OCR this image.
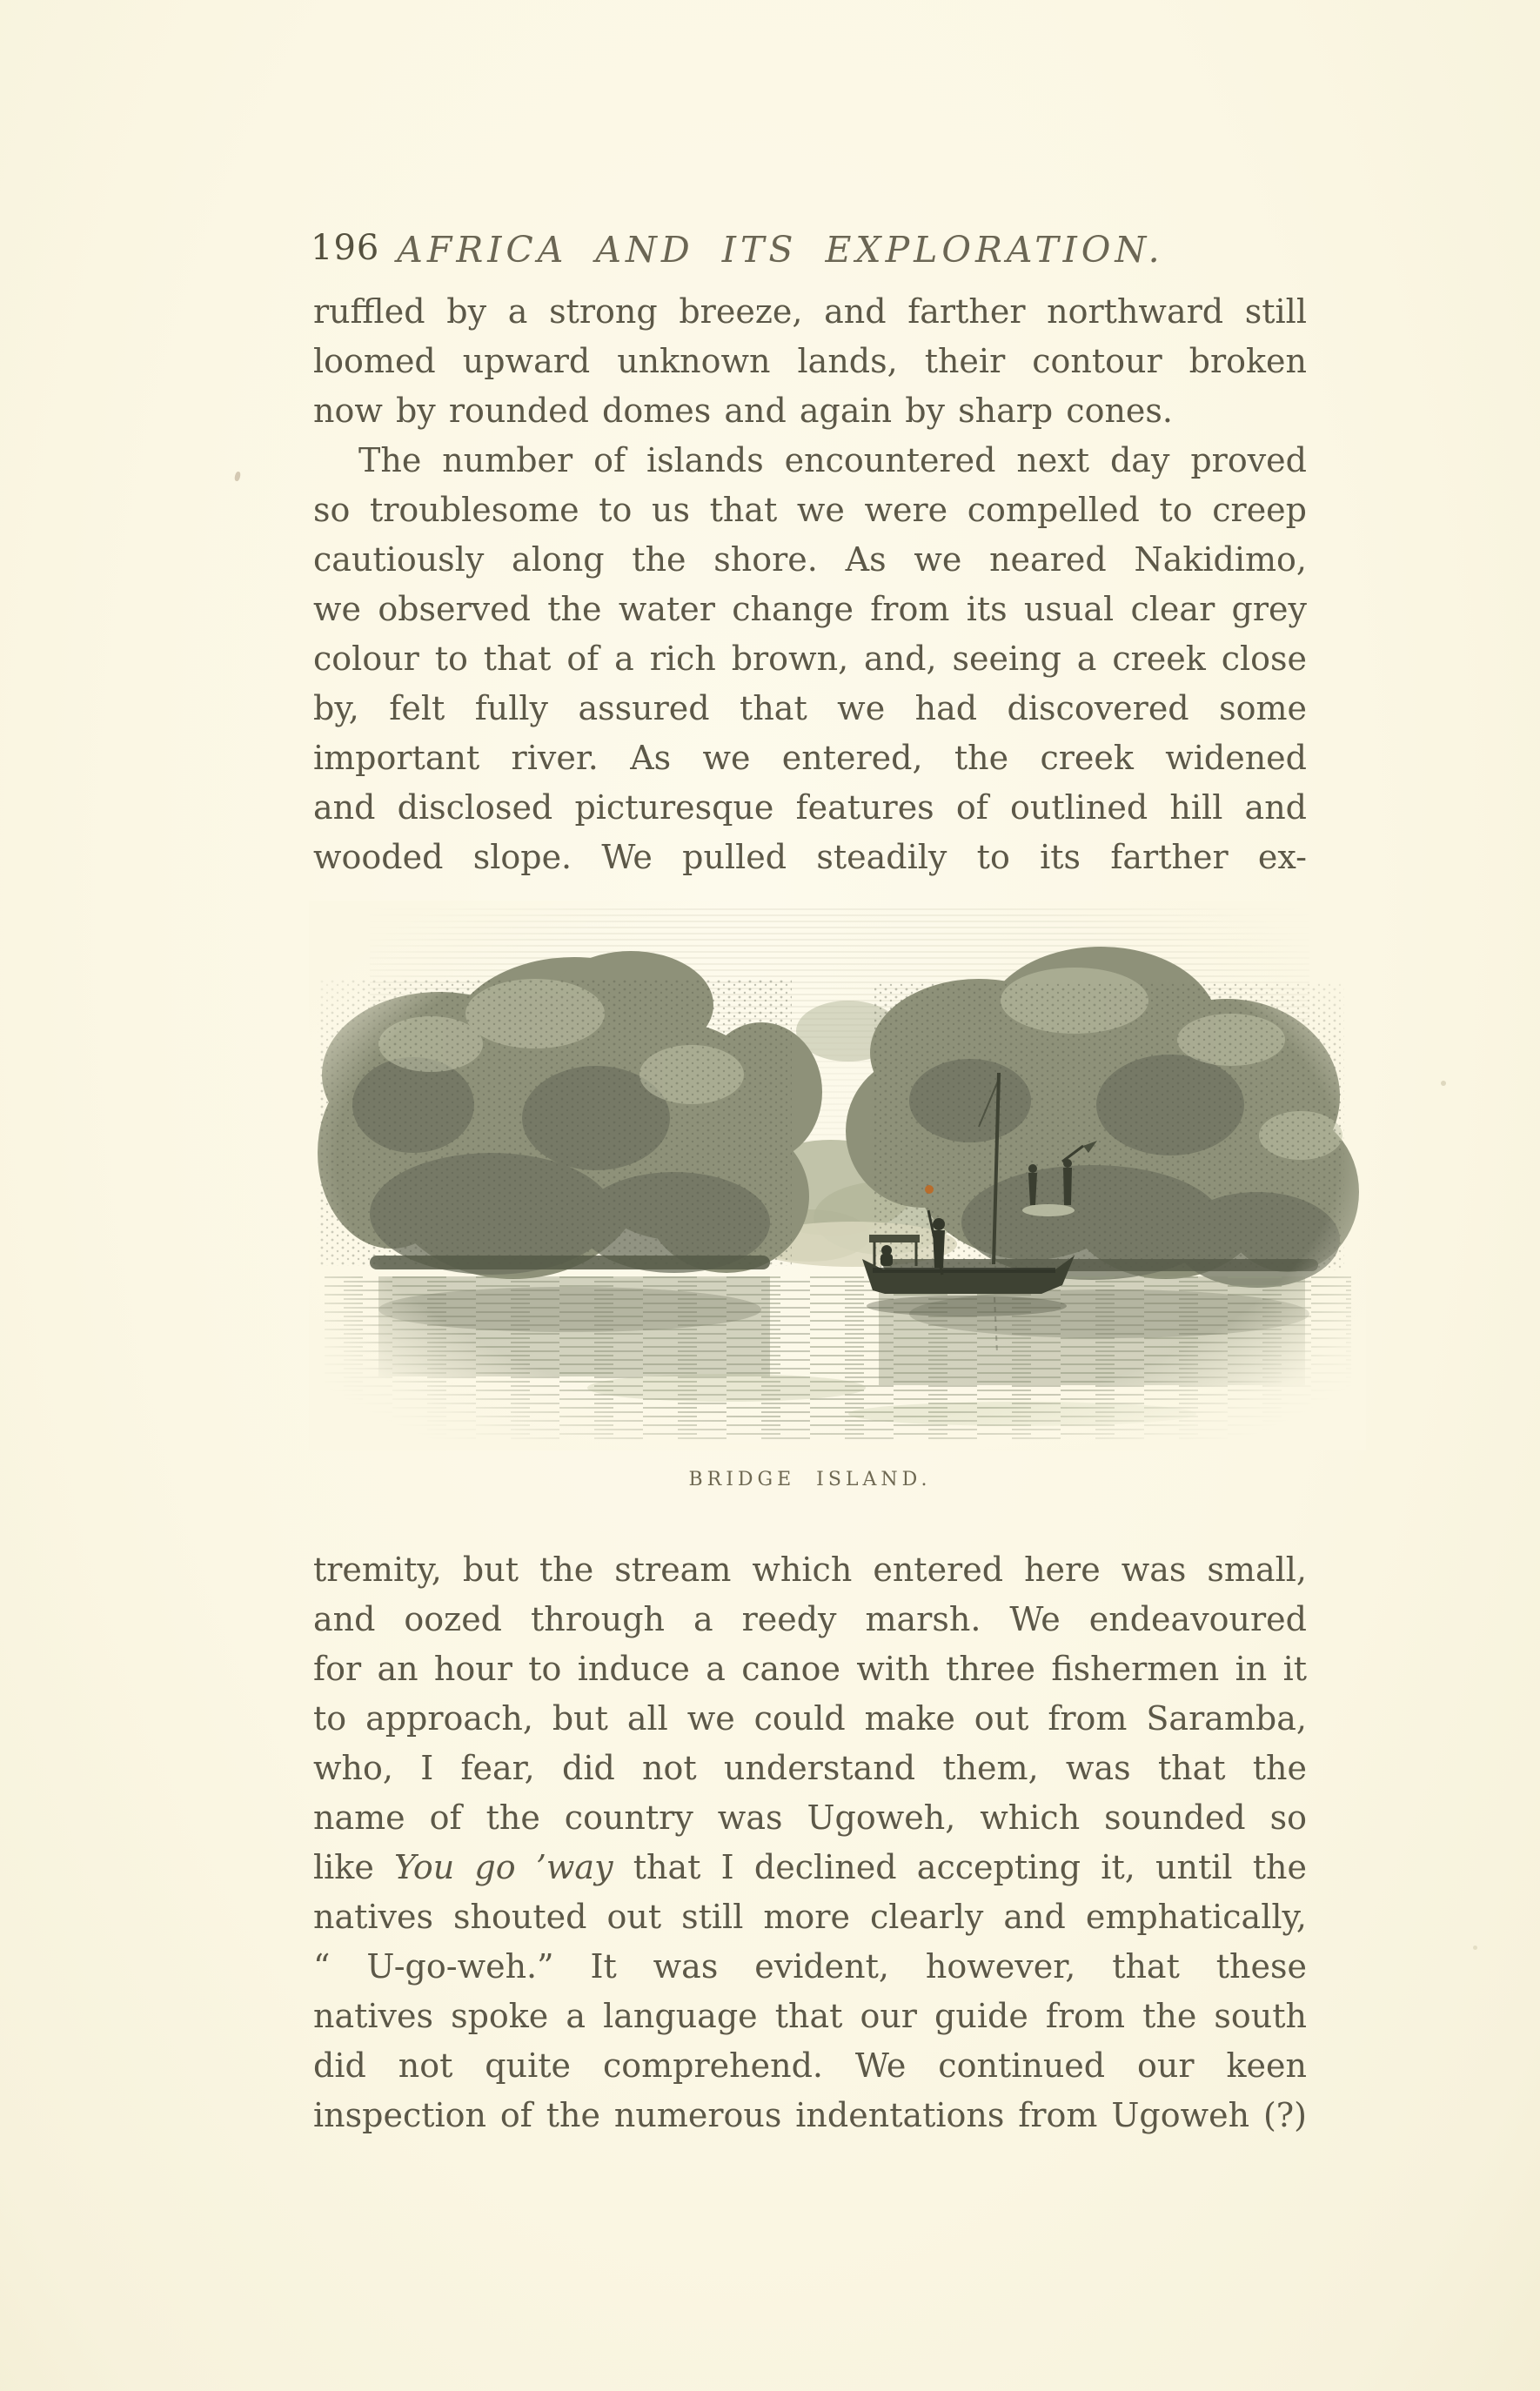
196 AFRICA AND ITS EXPLORATION.
ruffled by a strong breeze, and farther northward still
loomed upward unknown lands, their contour broken
now by rounded domes and again by sharp cones.
The number of islands encountered next day proved
so troublesome to us that we were compelled to creep
cautiously along the shore. As we neared Nakidimo,
we observed the water change from its usual clear grey
colour to that of a rich brown, and, seeing a creek close
by, felt fully assured that we had discovered some
important river. As we entered, the creek widened
and disclosed picturesque features of outlined hill and
wooded slope. We pulled steadily to its farther ex-
BRIDGE ISLAND.
tremity, but the stream which entered here was small,
and oozed through a reedy marsh. We endeavoured
for an hour to induce a canoe with three fishermen in it
to approach, but all we could make out from Saramba,
who, I fear, did not understand them, was that the
name of the country was Ugoweh, which sounded so
like You go ’way that I declined accepting it, until the
natives shouted out still more clearly and emphatically,
“ U-go-weh.” It was evident, however, that these
natives spoke a language that our guide from the south
did not quite comprehend. We continued our keen
inspection of the numerous indentations from Ugoweh (?)
